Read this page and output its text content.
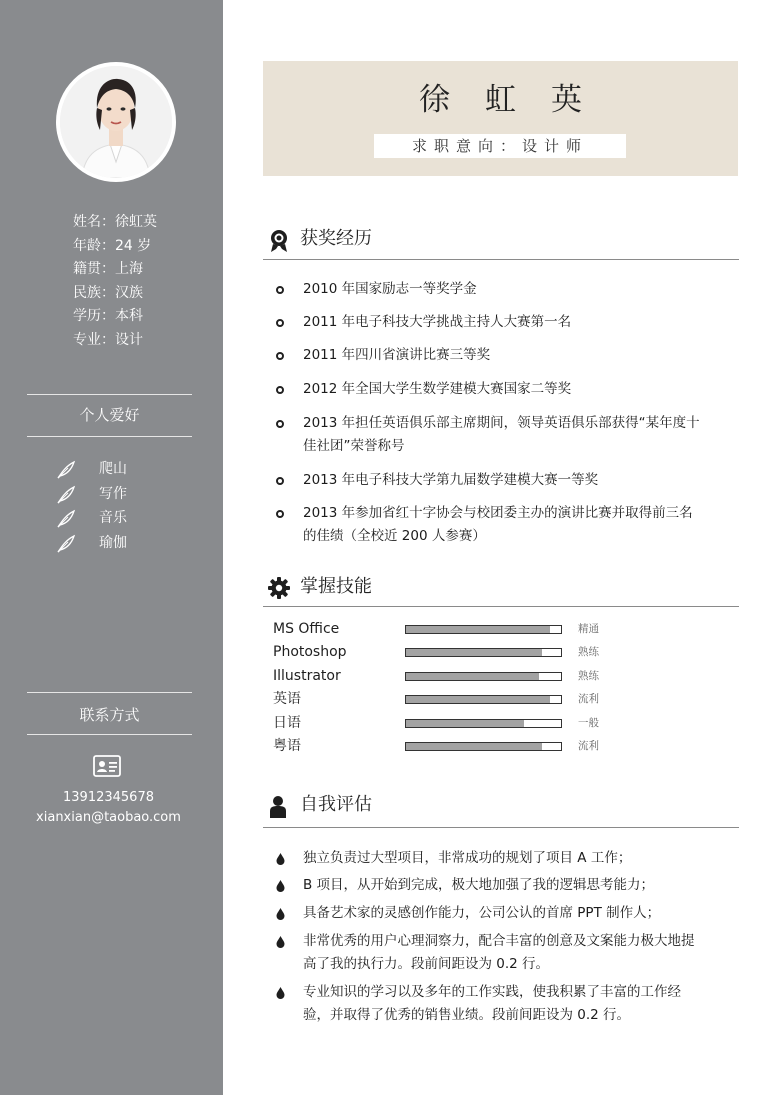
姓名：徐虹英
年龄：24 岁
籍贯：上海
民族：汉族
学历：本科
专业：设计
个人爱好
爬山
写作
音乐
瑜伽
联系方式
13912345678
xianxian@taobao.com
徐虹英
求职意向：设计师
获奖经历
2010 年国家励志一等奖学金
2011 年电子科技大学挑战主持人大赛第一名
2011 年四川省演讲比赛三等奖
2012 年全国大学生数学建模大赛国家二等奖
2013 年担任英语俱乐部主席期间，领导英语俱乐部获得“某年度十佳社团”荣誉称号
2013 年电子科技大学第九届数学建模大赛一等奖
2013 年参加省红十字协会与校团委主办的演讲比赛并取得前三名的佳绩（全校近 200 人参赛）
掌握技能
MS Office	精通
Photoshop	熟练
Illustrator	熟练
英语	流利
日语	一般
粤语	流利
自我评估
独立负责过大型项目，非常成功的规划了项目 A 工作；
B 项目，从开始到完成，极大地加强了我的逻辑思考能力；
具备艺术家的灵感创作能力，公司公认的首席 PPT 制作人；
非常优秀的用户心理洞察力，配合丰富的创意及文案能力极大地提高了我的执行力。段前间距设为 0.2 行。
专业知识的学习以及多年的工作实践，使我积累了丰富的工作经验，并取得了优秀的销售业绩。段前间距设为 0.2 行。
